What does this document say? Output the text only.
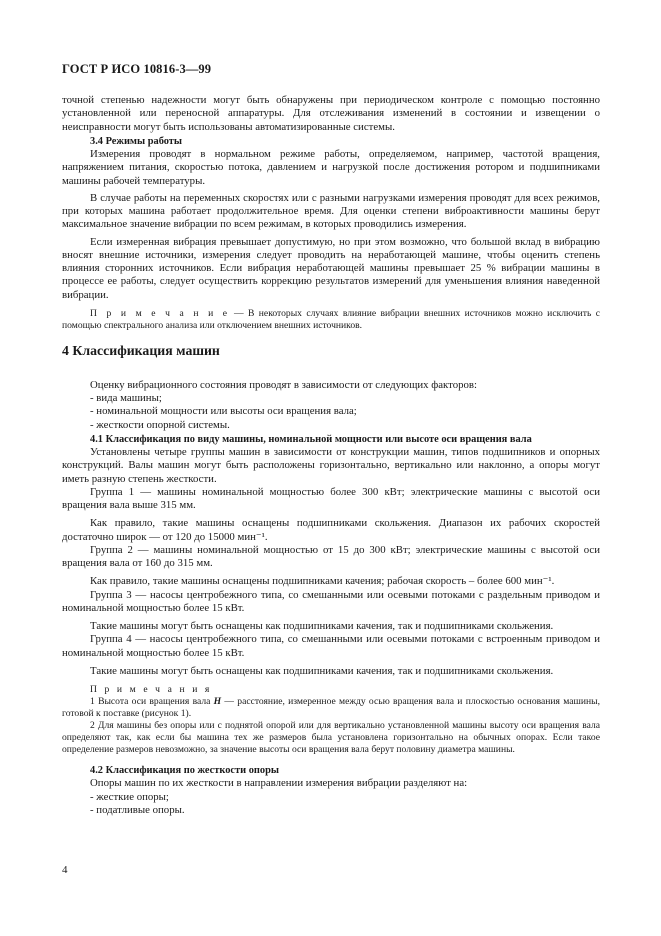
ГОСТ Р ИСО 10816-3—99

точной степенью надежности могут быть обнаружены при периодическом контроле с помощью постоянно установленной или переносной аппаратуры. Для отслеживания изменений в состоянии и извещении о неисправности могут быть использованы автоматизированные системы.

3.4 Режимы работы

Измерения проводят в нормальном режиме работы, определяемом, например, частотой вращения, напряжением питания, скоростью потока, давлением и нагрузкой после достижения ротором и подшипниками машины рабочей температуры.

В случае работы на переменных скоростях или с разными нагрузками измерения проводят для всех режимов, при которых машина работает продолжительное время. Для оценки степени виброактивности машины берут максимальное значение вибрации по всем режимам, в которых проводились измерения.

Если измеренная вибрация превышает допустимую, но при этом возможно, что большой вклад в вибрацию вносят внешние источники, измерения следует проводить на неработающей машине, чтобы оценить степень влияния сторонних источников. Если вибрация неработающей машины превышает 25 % вибрации машины в процессе ее работы, следует осуществить коррекцию результатов измерений для уменьшения влияния наведенной вибрации.

П р и м е ч а н и е — В некоторых случаях влияние вибрации внешних источников можно исключить с помощью спектрального анализа или отключением внешних источников.

4 Классификация машин

Оценку вибрационного состояния проводят в зависимости от следующих факторов:

- вида машины;

- номинальной мощности или высоты оси вращения вала;

- жесткости опорной системы.

4.1 Классификация по виду машины, номинальной мощности или высоте оси вращения вала

Установлены четыре группы машин в зависимости от конструкции машин, типов подшипников и опорных конструкций. Валы машин могут быть расположены горизонтально, вертикально или наклонно, а опоры могут иметь разную степень жесткости.

Группа 1 — машины номинальной мощностью более 300 кВт; электрические машины с высотой оси вращения вала выше 315 мм.

Как правило, такие машины оснащены подшипниками скольжения. Диапазон их рабочих скоростей достаточно широк — от 120 до 15000 мин⁻¹.

Группа 2 — машины номинальной мощностью от 15 до 300 кВт; электрические машины с высотой оси вращения вала от 160 до 315 мм.

Как правило, такие машины оснащены подшипниками качения; рабочая скорость – более 600 мин⁻¹.

Группа 3 — насосы центробежного типа, со смешанными или осевыми потоками с раздельным приводом и номинальной мощностью более 15 кВт.

Такие машины могут быть оснащены как подшипниками качения, так и подшипниками скольжения.

Группа 4 — насосы центробежного типа, со смешанными или осевыми потоками с встроенным приводом и номинальной мощностью более 15 кВт.

Такие машины могут быть оснащены как подшипниками качения, так и подшипниками скольжения.

П р и м е ч а н и я

1 Высота оси вращения вала H — расстояние, измеренное между осью вращения вала и плоскостью основания машины, готовой к поставке (рисунок 1).

2 Для машины без опоры или с поднятой опорой или для вертикально установленной машины высоту оси вращения вала определяют так, как если бы машина тех же размеров была установлена горизонтально на обычных опорах. Если такое определение размеров невозможно, за значение высоты оси вращения вала берут половину диаметра машины.

4.2 Классификация по жесткости опоры

Опоры машин по их жесткости в направлении измерения вибрации разделяют на:

- жесткие опоры;

- податливые опоры.

4
